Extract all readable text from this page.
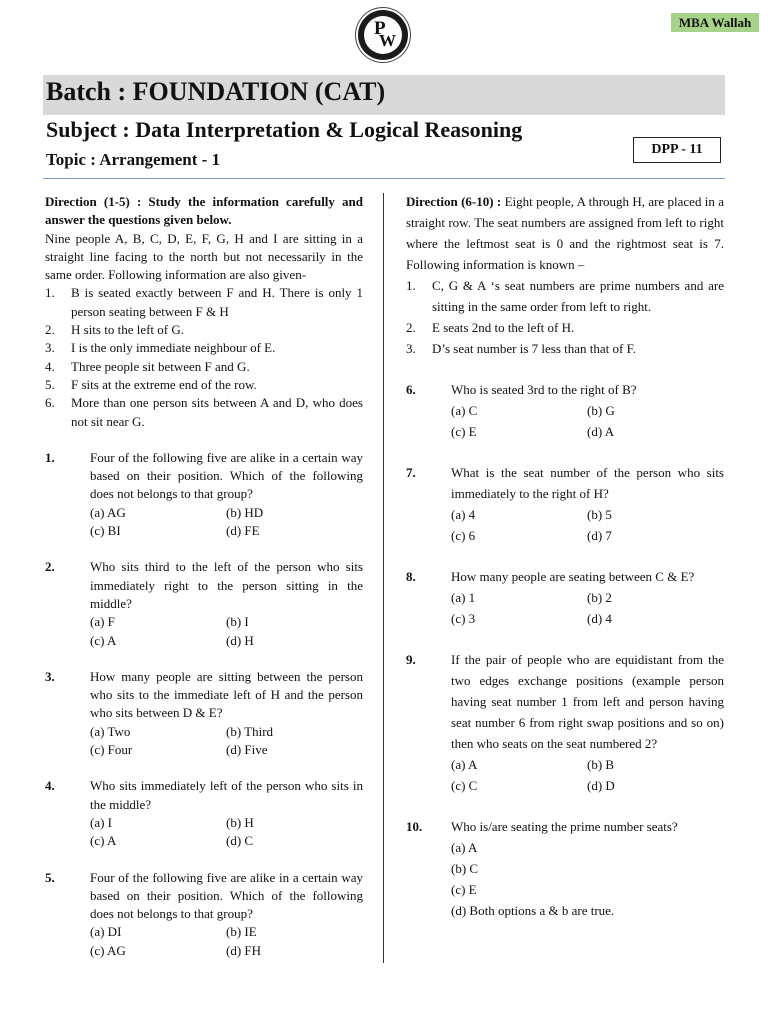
P
W
MBA Wallah
Batch : FOUNDATION (CAT)
Subject : Data Interpretation & Logical Reasoning
Topic : Arrangement - 1
DPP - 11
Direction (1-5) : Study the information carefully and answer the questions given below.
Nine people A, B, C, D, E, F, G, H and I are sitting in a straight line facing to the north but not necessarily in the same order. Following information are also given-
1.	B is seated exactly between F and H. There is only 1 person seating between F & H
2.	H sits to the left of G.
3.	I is the only immediate neighbour of E.
4.	Three people sit between F and G.
5.	F sits at the extreme end of the row.
6.	More than one person sits between A and D, who does not sit near G.
1.	Four of the following five are alike in a certain way based on their position. Which of the following does not belongs to that group?
(a) AG	(b) HD
(c) BI	(d) FE
2.	Who sits third to the left of the person who sits immediately right to the person sitting in the middle?
(a) F	(b) I
(c) A	(d) H
3.	How many people are sitting between the person who sits to the immediate left of H and the person who sits between D & E?
(a) Two	(b) Third
(c) Four	(d) Five
4.	Who sits immediately left of the person who sits in the middle?
(a) I	(b) H
(c) A	(d) C
5.	Four of the following five are alike in a certain way based on their position. Which of the following does not belongs to that group?
(a) DI	(b) IE
(c) AG	(d) FH
Direction (6-10) : Eight people, A through H, are placed in a straight row. The seat numbers are assigned from left to right where the leftmost seat is 0 and the rightmost seat is 7. Following information is known –
1.	C, G & A ‘s seat numbers are prime numbers and are sitting in the same order from left to right.
2.	E seats 2nd to the left of H.
3.	D’s seat number is 7 less than that of F.
6.	Who is seated 3rd to the right of B?
(a) C	(b) G
(c) E	(d) A
7.	What is the seat number of the person who sits immediately to the right of H?
(a) 4	(b) 5
(c) 6	(d) 7
8.	How many people are seating between C & E?
(a) 1	(b) 2
(c) 3	(d) 4
9.	If the pair of people who are equidistant from the two edges exchange positions (example person having seat number 1 from left and person having seat number 6 from right swap positions and so on) then who seats on the seat numbered 2?
(a) A	(b) B
(c) C	(d) D
10.	Who is/are seating the prime number seats?
(a) A
(b) C
(c) E
(d) Both options a & b are true.
